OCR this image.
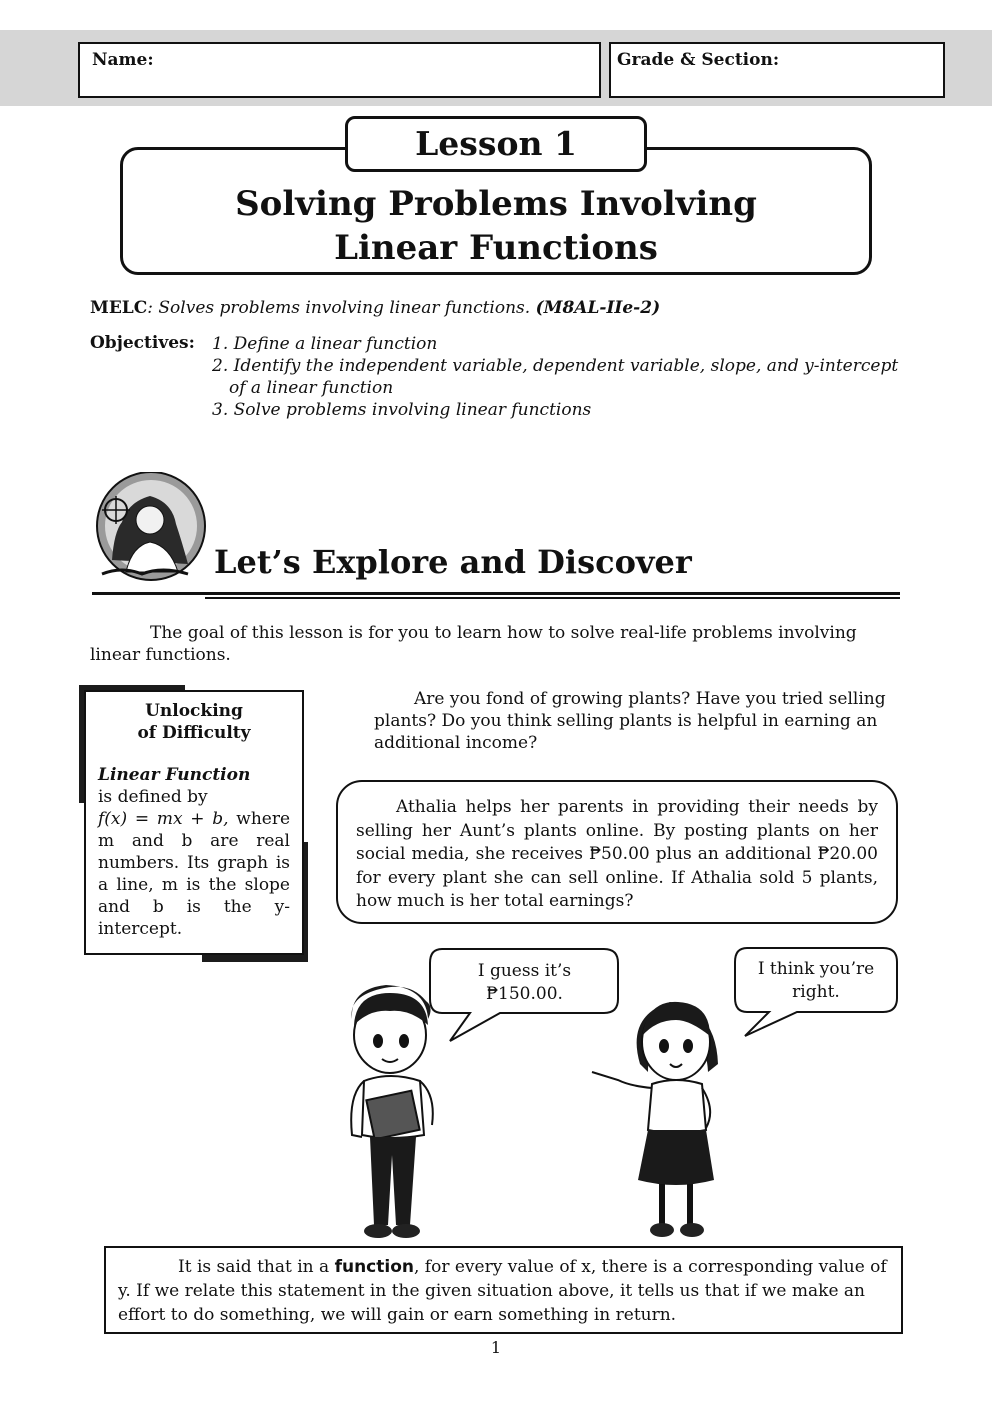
Name:	Grade & Section:
Lesson 1
Solving Problems Involving
Linear Functions
MELC: Solves problems involving linear functions. (M8AL-IIe-2)
Objectives: 1. Define a linear function
2. Identify the independent variable, dependent variable, slope, and y-intercept
of a linear function
3. Solve problems involving linear functions
Let’s Explore and Discover
The goal of this lesson is for you to learn how to solve real-life problems involving linear functions.
Unlocking
of Difficulty
Linear Function
is defined by
f(x) = mx + b, where m and b are real numbers. Its graph is a line, m is the slope and b is the y-intercept.
Are you fond of growing plants? Have you tried selling plants? Do you think selling plants is helpful in earning an additional income?
Athalia helps her parents in providing their needs by selling her Aunt’s plants online. By posting plants on her social media, she receives ₱50.00 plus an additional ₱20.00 for every plant she can sell online. If Athalia sold 5 plants, how much is her total earnings?
I guess it’s
₱150.00.
I think you’re
right.
It is said that in a function, for every value of x, there is a corresponding value of y. If we relate this statement in the given situation above, it tells us that if we make an effort to do something, we will gain or earn something in return.
1
